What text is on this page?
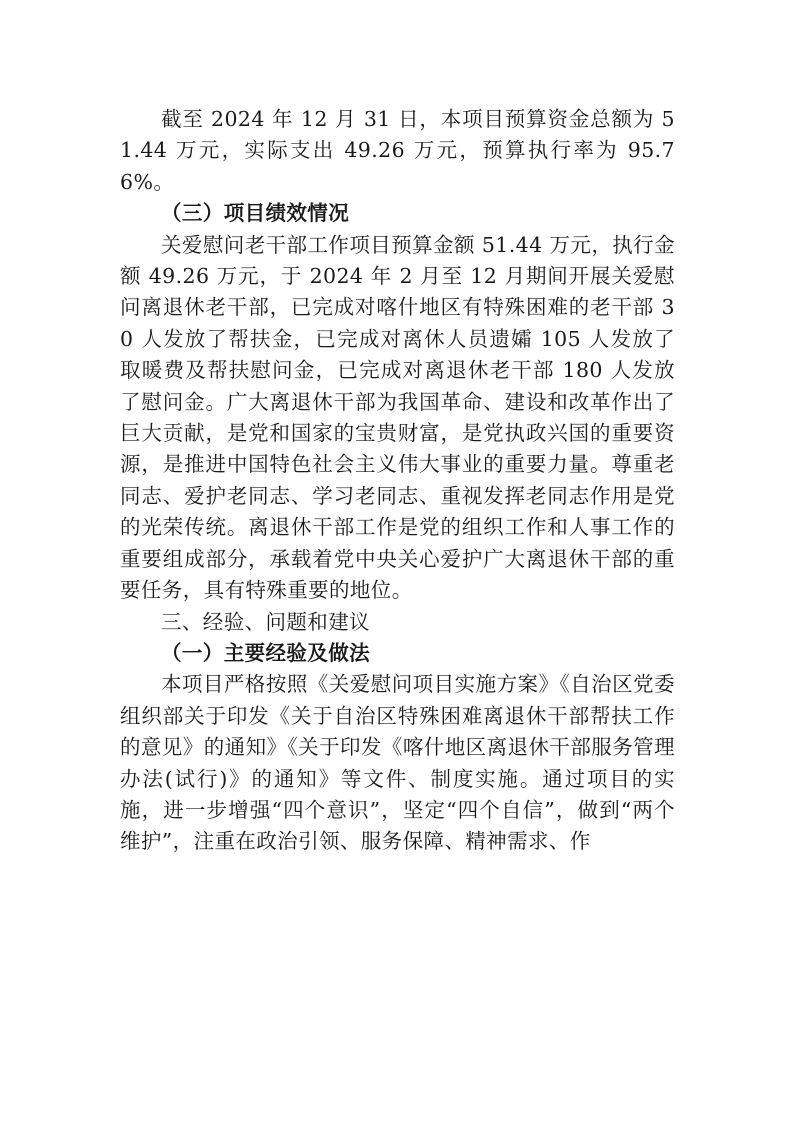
截至 2024 年 12 月 31 日，本项目预算资金总额为 51.44 万元，实际支出 49.26 万元，预算执行率为 95.76%。

（三）项目绩效情况

关爱慰问老干部工作项目预算金额 51.44 万元，执行金额 49.26 万元，于 2024 年 2 月至 12 月期间开展关爱慰问离退休老干部，已完成对喀什地区有特殊困难的老干部 30 人发放了帮扶金，已完成对离休人员遗孀 105 人发放了取暖费及帮扶慰问金，已完成对离退休老干部 180 人发放了慰问金。广大离退休干部为我国革命、建设和改革作出了巨大贡献，是党和国家的宝贵财富，是党执政兴国的重要资源，是推进中国特色社会主义伟大事业的重要力量。尊重老同志、爱护老同志、学习老同志、重视发挥老同志作用是党的光荣传统。离退休干部工作是党的组织工作和人事工作的重要组成部分，承载着党中央关心爱护广大离退休干部的重要任务，具有特殊重要的地位。

三、经验、问题和建议

（一）主要经验及做法

本项目严格按照《关爱慰问项目实施方案》《自治区党委组织部关于印发《关于自治区特殊困难离退休干部帮扶工作的意见》的通知》《关于印发《喀什地区离退休干部服务管理办法(试行)》的通知》等文件、制度实施。通过项目的实施，进一步增强“四个意识”，坚定“四个自信”，做到“两个维护”，注重在政治引领、服务保障、精神需求、作
